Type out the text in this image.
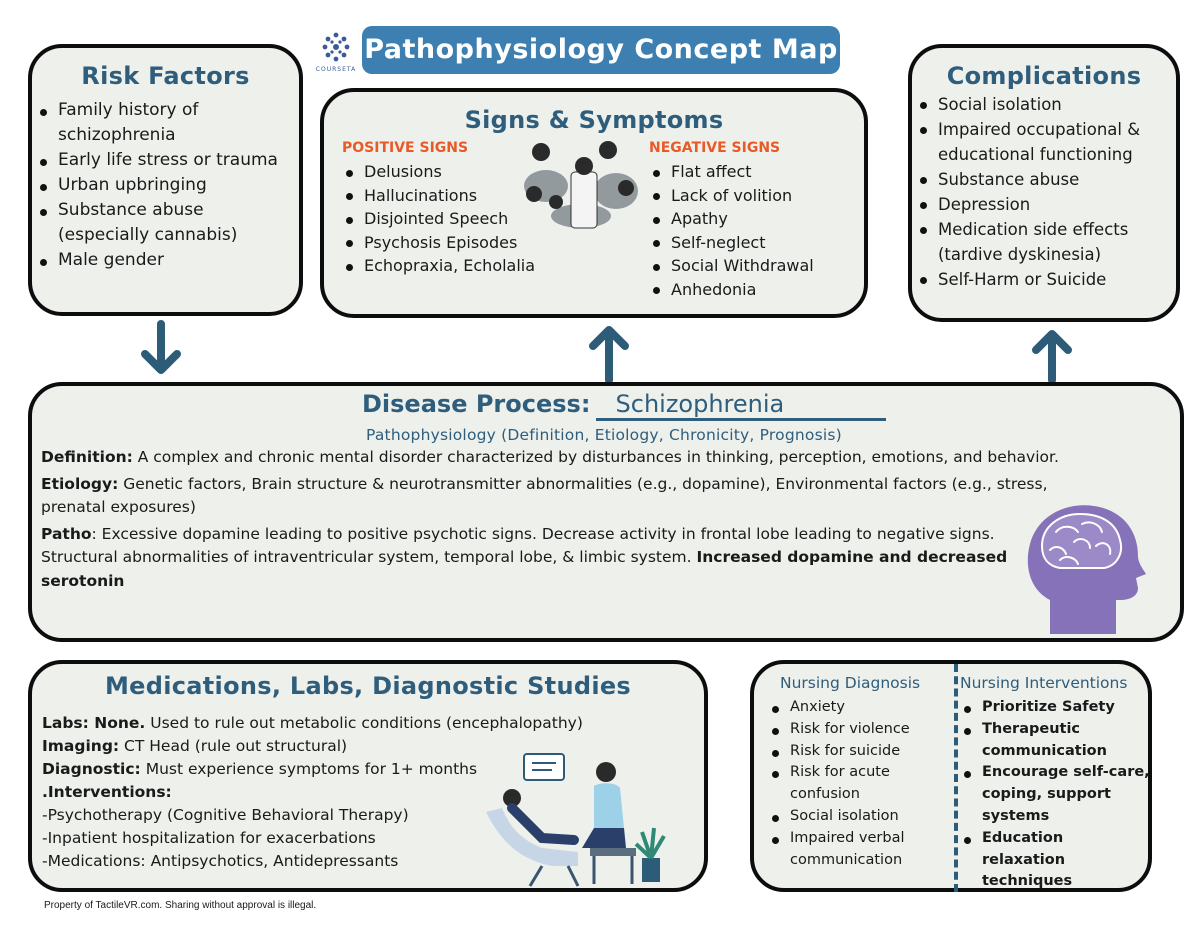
COURSETA
Pathophysiology Concept Map
Risk Factors
Family history of schizophrenia
Early life stress or trauma
Urban upbringing
Substance abuse (especially cannabis)
Male gender
Signs & Symptoms
POSITIVE SIGNS
Delusions
Hallucinations
Disjointed Speech
Psychosis Episodes
Echopraxia, Echolalia
NEGATIVE SIGNS
Flat affect
Lack of volition
Apathy
Self-neglect
Social Withdrawal
Anhedonia
Complications
Social isolation
Impaired occupational & educational functioning
Substance abuse
Depression
Medication side effects (tardive dyskinesia)
Self-Harm or Suicide
Disease Process: Schizophrenia
Pathophysiology (Definition, Etiology, Chronicity, Prognosis)

Definition: A complex and chronic mental disorder characterized by disturbances in thinking, perception, emotions, and behavior.

Etiology: Genetic factors, Brain structure & neurotransmitter abnormalities (e.g., dopamine), Environmental factors (e.g., stress, prenatal exposures)

Patho: Excessive dopamine leading to positive psychotic signs. Decrease activity in frontal lobe leading to negative signs. Structural abnormalities of intraventricular system, temporal lobe, & limbic system. Increased dopamine and decreased serotonin

Medications, Labs, Diagnostic Studies
Labs: None. Used to rule out metabolic conditions (encephalopathy)
Imaging: CT Head (rule out structural)
Diagnostic: Must experience symptoms for 1+ months
.Interventions:
-Psychotherapy (Cognitive Behavioral Therapy)
-Inpatient hospitalization for exacerbations
-Medications: Antipsychotics, Antidepressants
Nursing Diagnosis
Anxiety
Risk for violence
Risk for suicide
Risk for acute confusion
Social isolation
Impaired verbal communication
Nursing Interventions
Prioritize Safety
Therapeutic communication
Encourage self-care, coping, support systems
Education relaxation techniques
Property of TactileVR.com. Sharing without approval is illegal.
